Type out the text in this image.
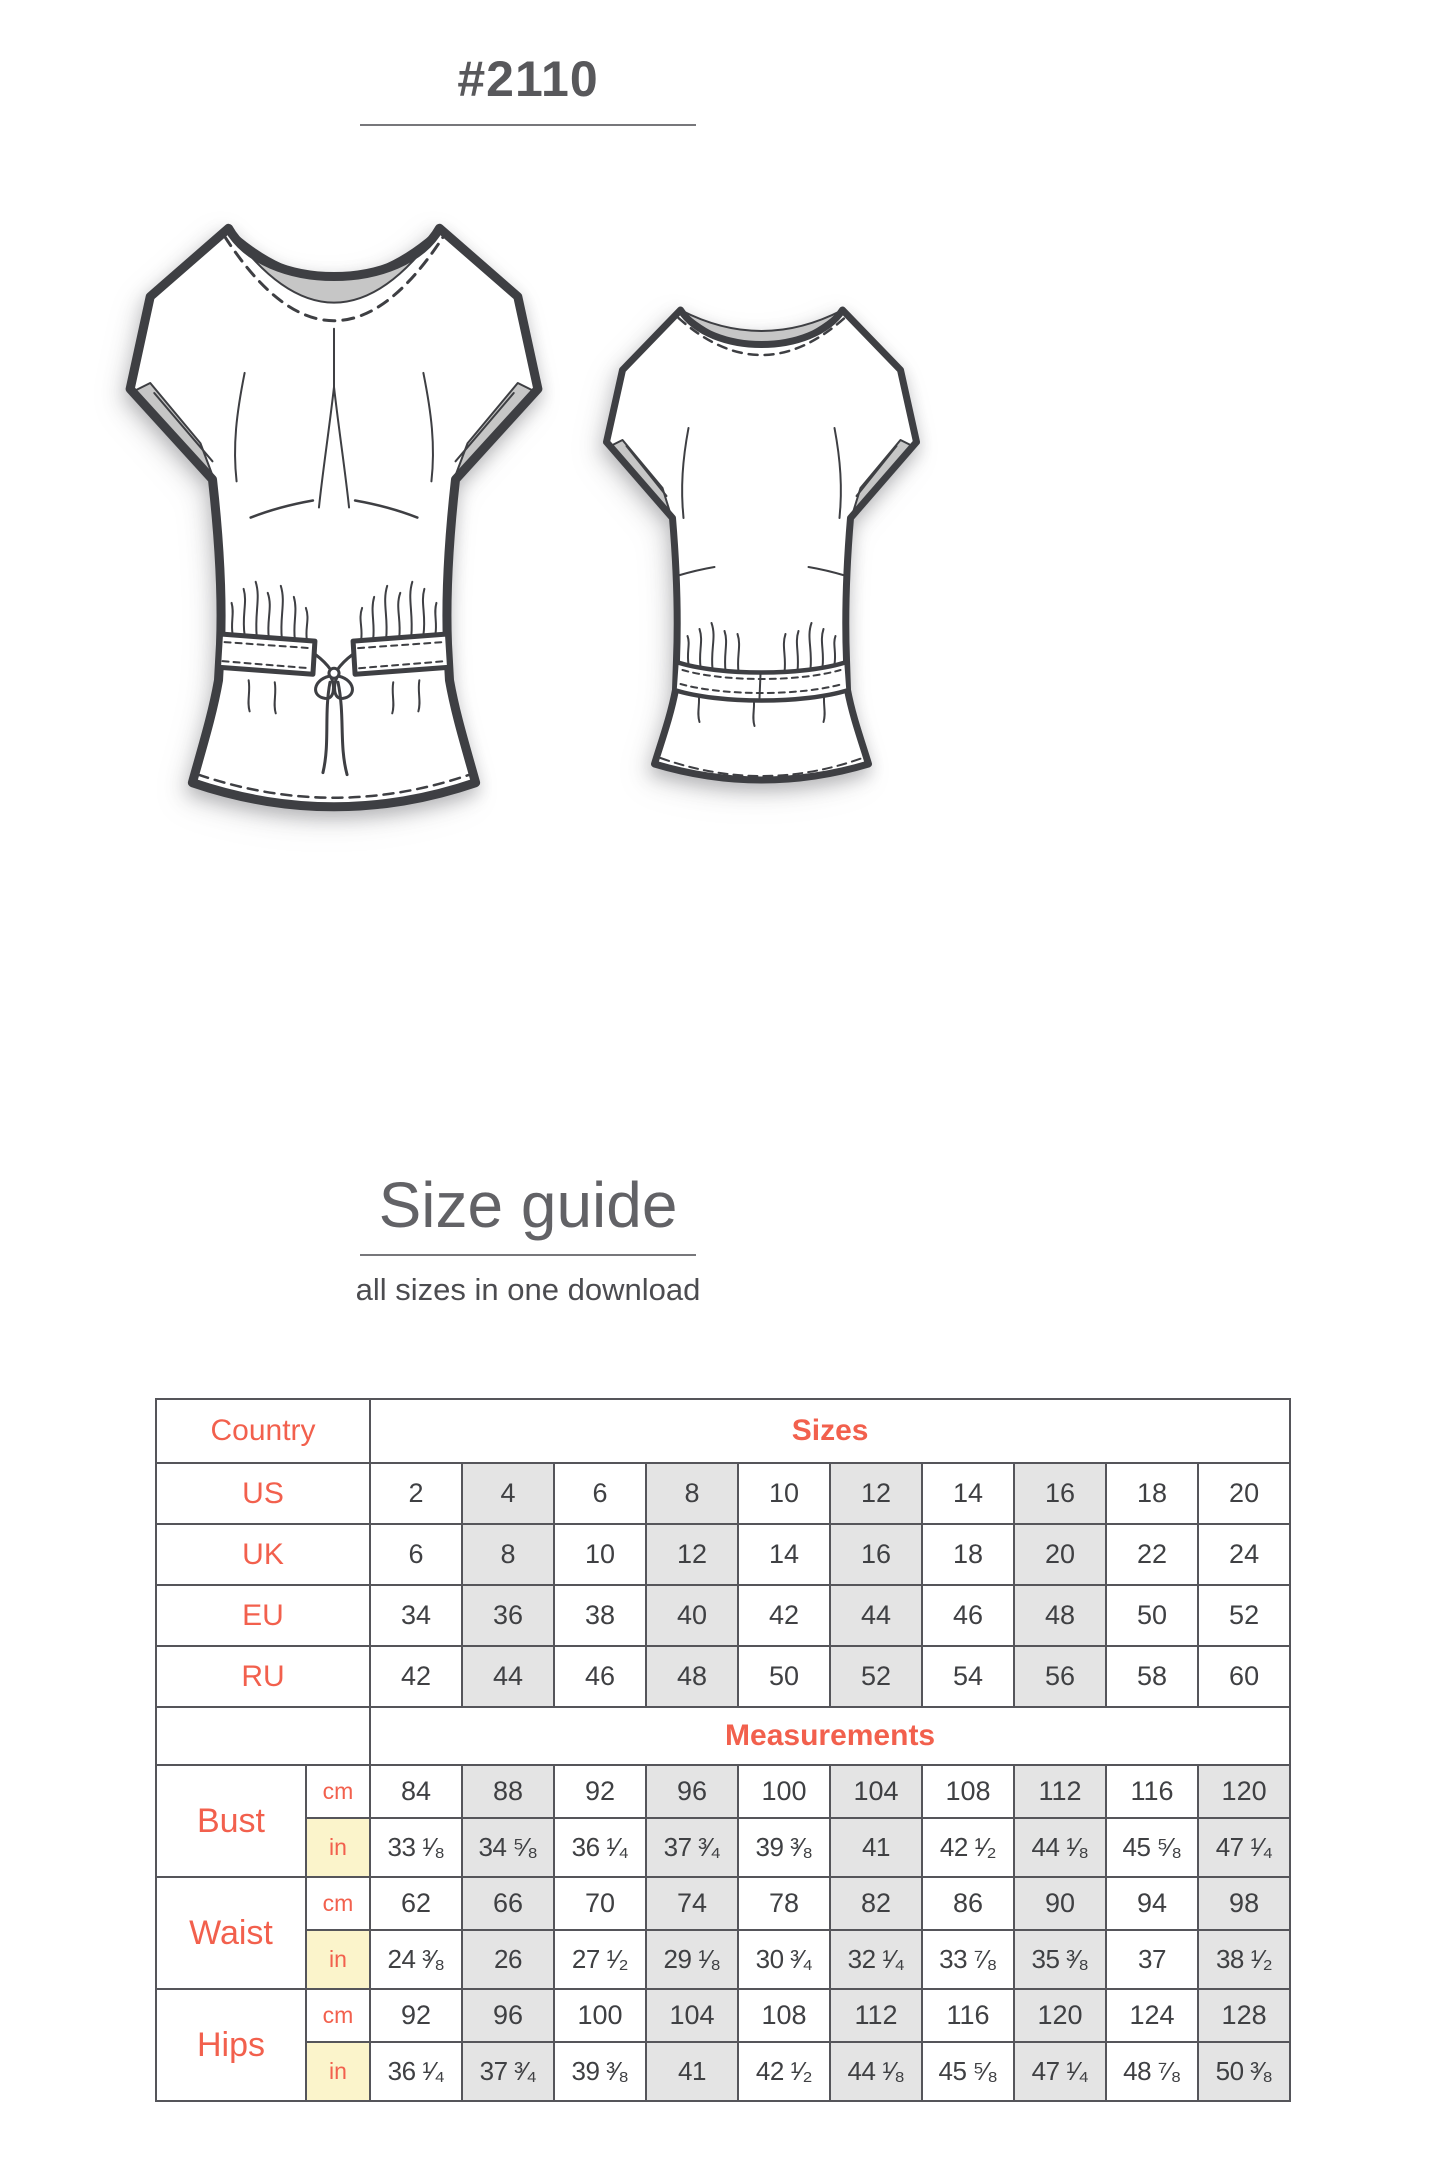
#2110
Size guide

all sizes in one download

Country		Sizes									
US		2	4	6	8	10	12	14	16	18	20
UK		6	8	10	12	14	16	18	20	22	24
EU		34	36	38	40	42	44	46	48	50	52
RU		42	44	46	48	50	52	54	56	58	60
		Measurements									
Bust	cm	84	88	92	96	100	104	108	112	116	120
	in	33 ¹⁄₈	34 ⁵⁄₈	36 ¹⁄₄	37 ³⁄₄	39 ³⁄₈	41	42 ¹⁄₂	44 ¹⁄₈	45 ⁵⁄₈	47 ¹⁄₄
Waist	cm	62	66	70	74	78	82	86	90	94	98
	in	24 ³⁄₈	26	27 ¹⁄₂	29 ¹⁄₈	30 ³⁄₄	32 ¹⁄₄	33 ⁷⁄₈	35 ³⁄₈	37	38 ¹⁄₂
Hips	cm	92	96	100	104	108	112	116	120	124	128
	in	36 ¹⁄₄	37 ³⁄₄	39 ³⁄₈	41	42 ¹⁄₂	44 ¹⁄₈	45 ⁵⁄₈	47 ¹⁄₄	48 ⁷⁄₈	50 ³⁄₈
